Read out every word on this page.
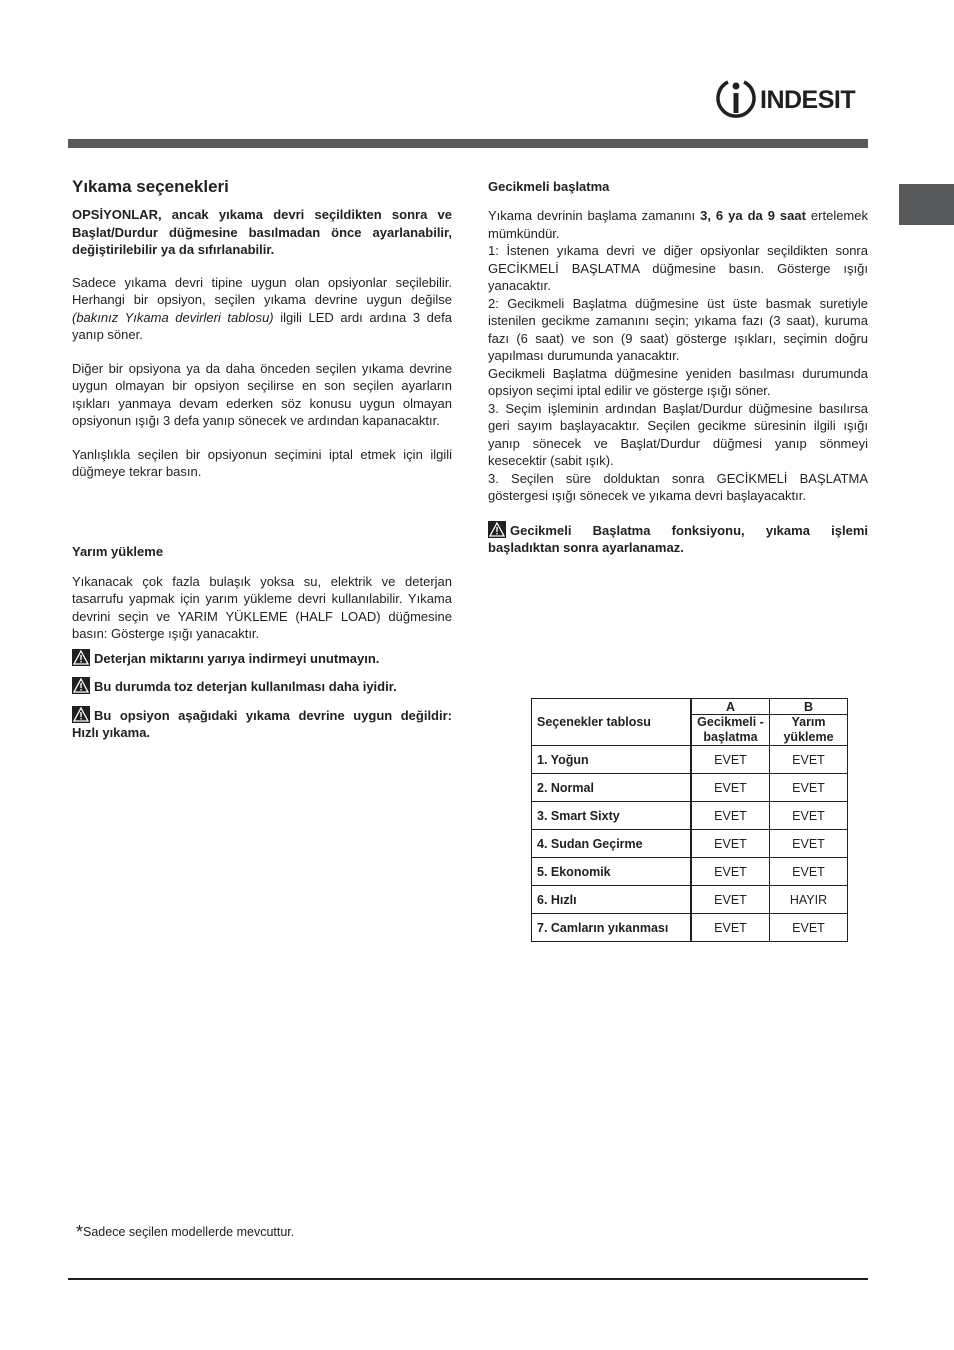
INDESIT
Yıkama seçenekleri

OPSİYONLAR, ancak yıkama devri seçildikten sonra ve Başlat/Durdur düğmesine basılmadan önce ayarlanabilir, değiştirilebilir ya da sıfırlanabilir.

Sadece yıkama devri tipine uygun olan opsiyonlar seçilebilir. Herhangi bir opsiyon, seçilen yıkama devrine uygun değilse (bakınız Yıkama devirleri tablosu) ilgili LED ardı ardına 3 defa yanıp söner.

Diğer bir opsiyona ya da daha önceden seçilen yıkama devrine uygun olmayan bir opsiyon seçilirse en son seçilen ayarların ışıkları yanmaya devam ederken söz konusu uygun olmayan opsiyonun ışığı 3 defa yanıp sönecek ve ardından kapanacaktır.

Yanlışlıkla seçilen bir opsiyonun seçimini iptal etmek için ilgili düğmeye tekrar basın.

Yarım yükleme

Yıkanacak çok fazla bulaşık yoksa su, elektrik ve deterjan tasarrufu yapmak için yarım yükleme devri kullanılabilir. Yıkama devrini seçin ve YARIM YÜKLEME (HALF LOAD) düğmesine basın: Gösterge ışığı yanacaktır.

Deterjan miktarını yarıya indirmeyi unutmayın.

Bu durumda toz deterjan kullanılması daha iyidir.

Bu opsiyon aşağıdaki yıkama devrine uygun değildir: Hızlı yıkama.

Gecikmeli başlatma

Yıkama devrinin başlama zamanını 3, 6 ya da 9 saat ertelemek mümkündür.

1: İstenen yıkama devri ve diğer opsiyonlar seçildikten sonra GECİKMELİ BAŞLATMA düğmesine basın. Gösterge ışığı yanacaktır.

2: Gecikmeli Başlatma düğmesine üst üste basmak suretiyle istenilen gecikme zamanını seçin; yıkama fazı (3 saat), kuruma fazı (6 saat) ve son (9 saat) gösterge ışıkları, seçimin doğru yapılması durumunda yanacaktır.

Gecikmeli Başlatma düğmesine yeniden basılması durumunda opsiyon seçimi iptal edilir ve gösterge ışığı söner.

3. Seçim işleminin ardından Başlat/Durdur düğmesine basılırsa geri sayım başlayacaktır. Seçilen gecikme süresinin ilgili ışığı yanıp sönecek ve Başlat/Durdur düğmesi yanıp sönmeyi kesecektir (sabit ışık).

3. Seçilen süre dolduktan sonra GECİKMELİ BAŞLATMA göstergesi ışığı sönecek ve yıkama devri başlayacaktır.

Gecikmeli Başlatma fonksiyonu, yıkama işlemi başladıktan sonra ayarlanamaz.

Seçenekler tablosu	A	B
	Gecikmeli -başlatma	Yarım yükleme
1. Yoğun	EVET	EVET
2. Normal	EVET	EVET
3. Smart Sixty	EVET	EVET
4. Sudan Geçirme	EVET	EVET
5. Ekonomik	EVET	EVET
6. Hızlı	EVET	HAYIR
7. Camların yıkanması	EVET	EVET
*Sadece seçilen modellerde mevcuttur.
